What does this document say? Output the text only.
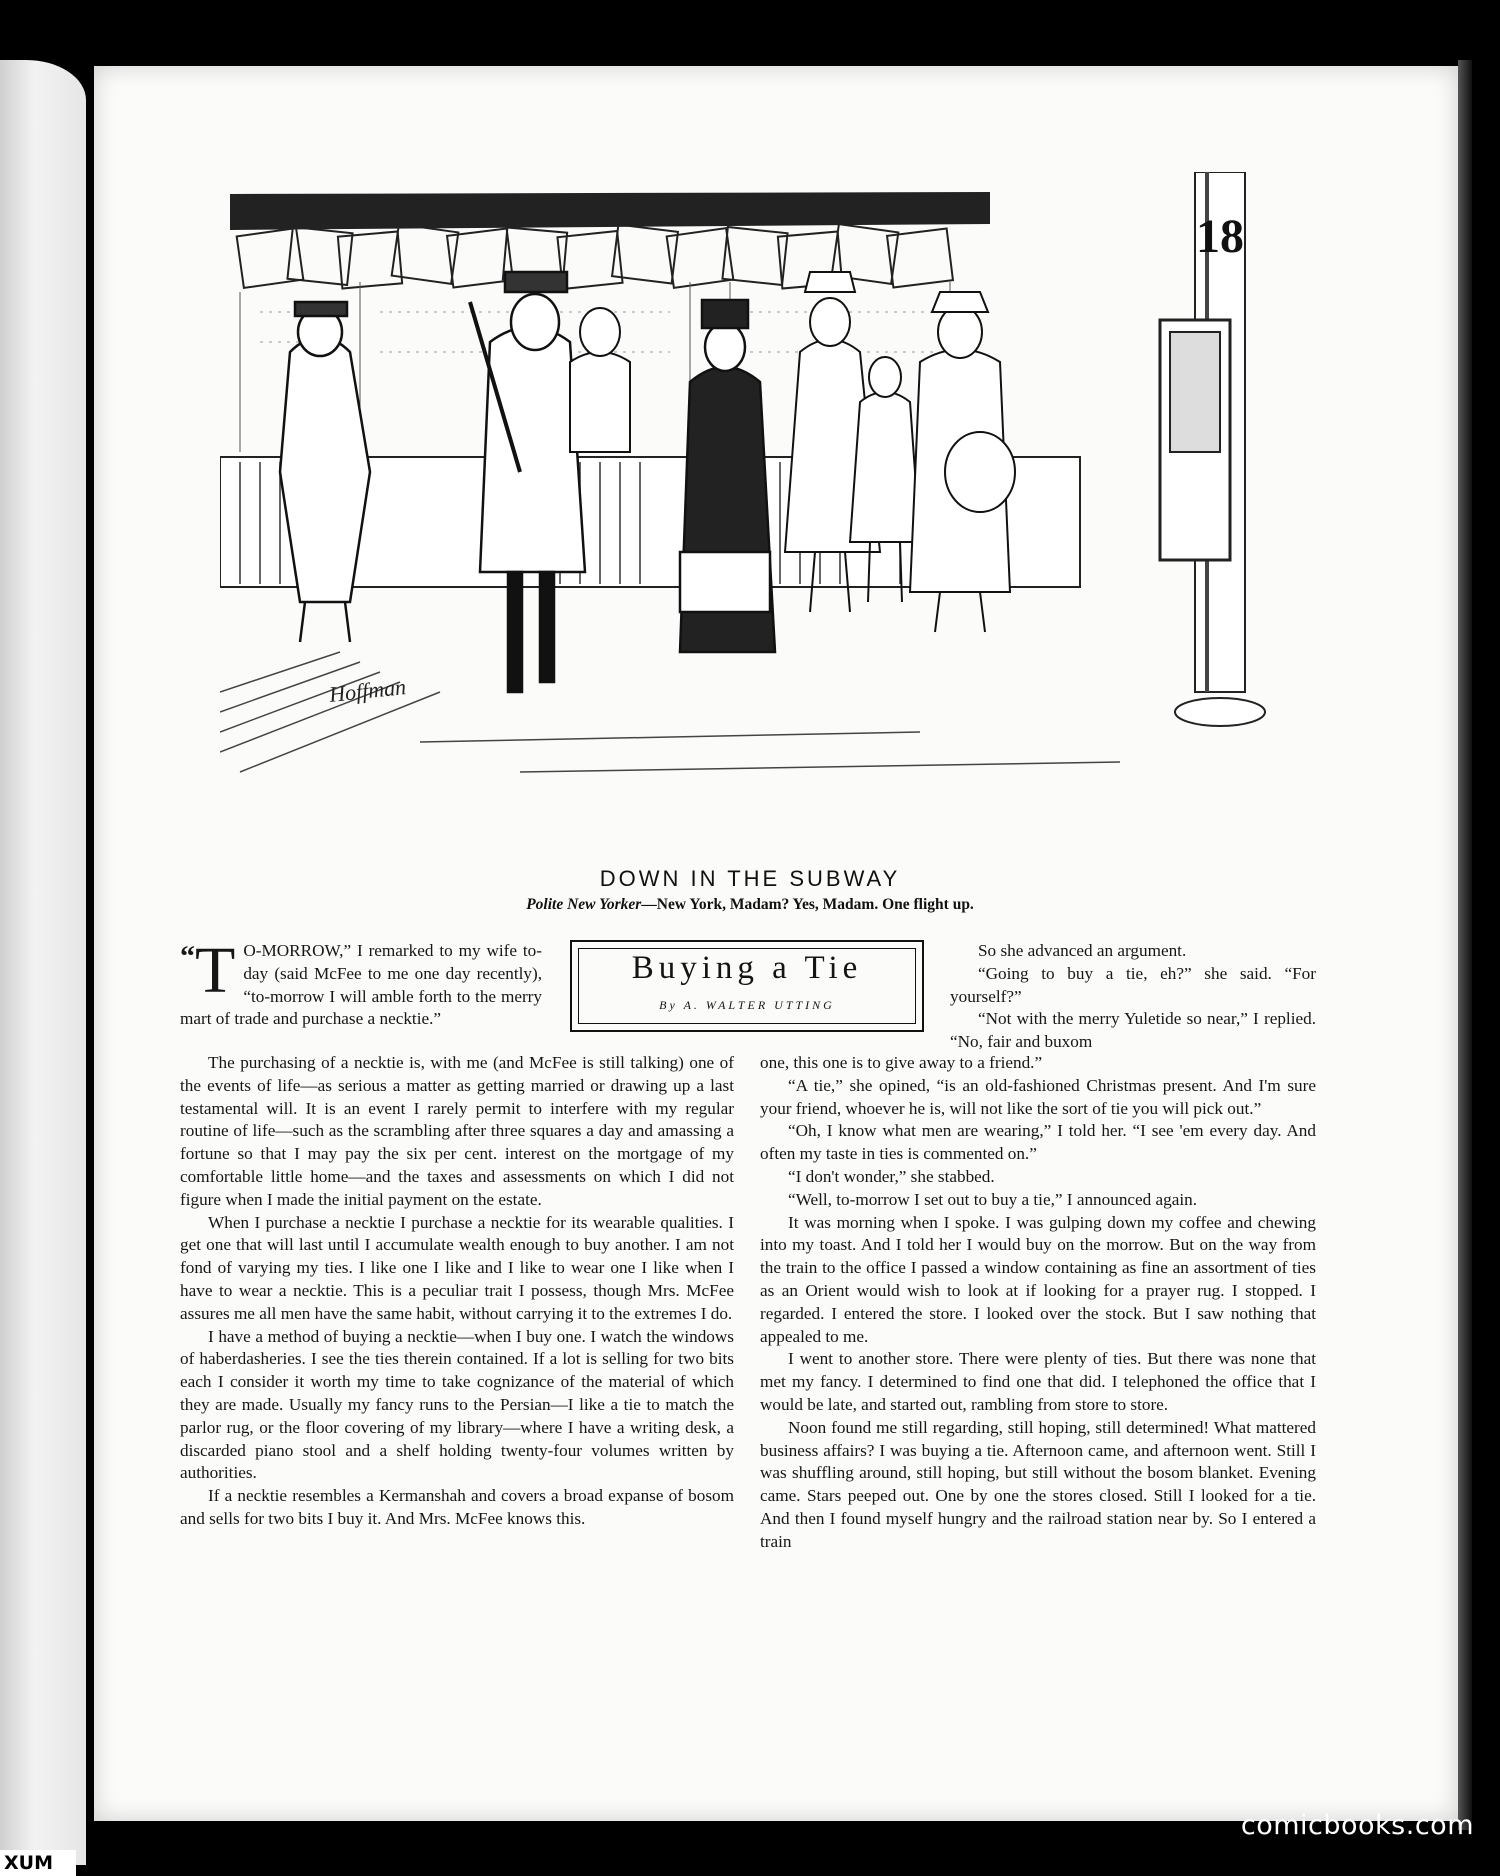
18
Hoffman
DOWN IN THE SUBWAY
Polite New Yorker—New York, Madam? Yes, Madam. One flight up.
Buying a Tie
By A. WALTER UTTING

“T O-MORROW,” I remarked to my wife to-day (said McFee to me one day recently), “to-morrow I will amble forth to the merry mart of trade and purchase a necktie.”

The purchasing of a necktie is, with me (and McFee is still talking) one of the events of life—as serious a matter as getting married or drawing up a last testamental will. It is an event I rarely permit to interfere with my regular routine of life—such as the scrambling after three squares a day and amassing a fortune so that I may pay the six per cent. interest on the mortgage of my comfortable little home—and the taxes and assessments on which I did not figure when I made the initial payment on the estate.

When I purchase a necktie I purchase a necktie for its wearable qualities. I get one that will last until I accumulate wealth enough to buy another. I am not fond of varying my ties. I like one I like and I like to wear one I like when I have to wear a necktie. This is a peculiar trait I possess, though Mrs. McFee assures me all men have the same habit, without carrying it to the extremes I do.

I have a method of buying a necktie—when I buy one. I watch the windows of haberdasheries. I see the ties therein contained. If a lot is selling for two bits each I consider it worth my time to take cognizance of the material of which they are made. Usually my fancy runs to the Persian—I like a tie to match the parlor rug, or the floor covering of my library—where I have a writing desk, a discarded piano stool and a shelf holding twenty-four volumes written by authorities.

If a necktie resembles a Kermanshah and covers a broad expanse of bosom and sells for two bits I buy it. And Mrs. McFee knows this.

So she advanced an argument.

“Going to buy a tie, eh?” she said. “For yourself?”

“Not with the merry Yuletide so near,” I replied. “No, fair and buxom

one, this one is to give away to a friend.”

“A tie,” she opined, “is an old-fashioned Christmas present. And I'm sure your friend, whoever he is, will not like the sort of tie you will pick out.”

“Oh, I know what men are wearing,” I told her. “I see 'em every day. And often my taste in ties is commented on.”

“I don't wonder,” she stabbed.

“Well, to-morrow I set out to buy a tie,” I announced again.

It was morning when I spoke. I was gulping down my coffee and chewing into my toast. And I told her I would buy on the morrow. But on the way from the train to the office I passed a window containing as fine an assortment of ties as an Orient would wish to look at if looking for a prayer rug. I stopped. I regarded. I entered the store. I looked over the stock. But I saw nothing that appealed to me.

I went to another store. There were plenty of ties. But there was none that met my fancy. I determined to find one that did. I telephoned the office that I would be late, and started out, rambling from store to store.

Noon found me still regarding, still hoping, still determined! What mattered business affairs? I was buying a tie. Afternoon came, and afternoon went. Still I was shuffling around, still hoping, but still without the bosom blanket. Evening came. Stars peeped out. One by one the stores closed. Still I looked for a tie. And then I found myself hungry and the railroad station near by. So I entered a train

comicbooks.com
XUM
